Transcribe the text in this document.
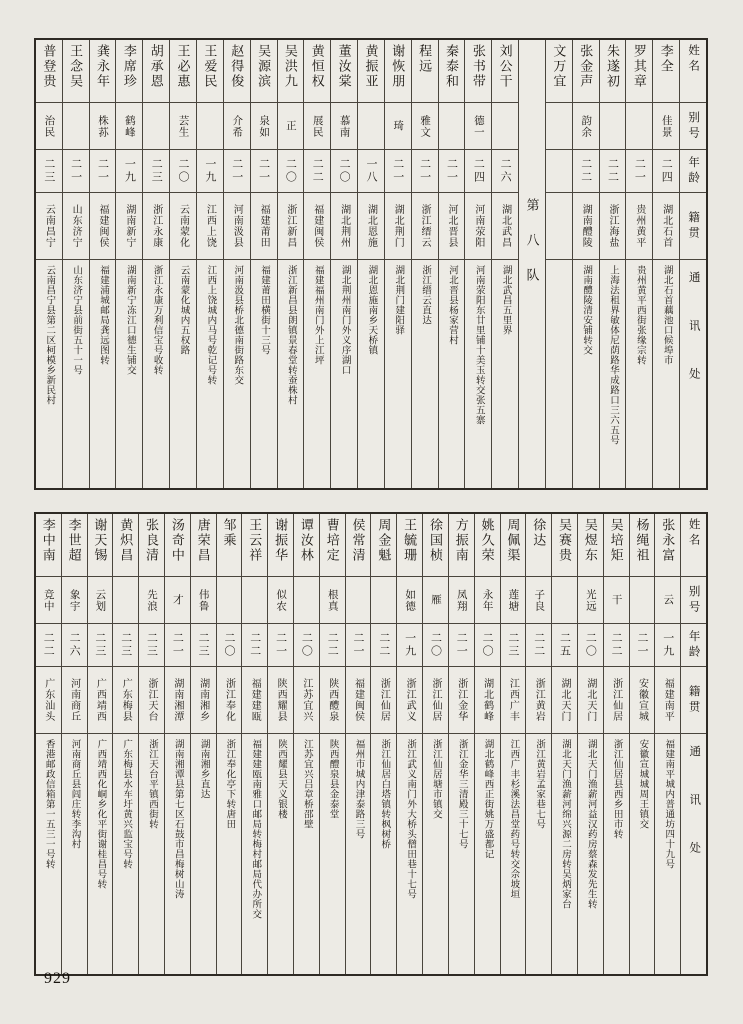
姓名
别号
年龄
籍贯
通讯处
李全
佳景
二四
湖北石首
湖北石首藕池口候埠市
罗其章
二一
贵州黄平
贵州黄平西街张缘宗转
朱遂初
二二
浙江海盐
上海法租界敏体尼荫路华成路口三六五号
张金声
韵余
二二
湖南醴陵
湖南醴陵清安铺转交
文万宜
第八队
刘公干
二六
湖北武昌
湖北武昌五里界
张书带
德一
二四
河南荥阳
河南荥阳东廿里铺十美玉转交张五寨
秦泰和
二一
河北晋县
河北晋县杨家营村
程远
雅文
二一
浙江缙云
浙江缙云直达
谢恢朋
琦
二一
湖北荆门
湖北荆门建阳驿
黄振亚
一八
湖北恩施
湖北恩施南乡天桥镇
董汝棠
慕南
二〇
湖北荆州
湖北荆州南门外义序湖口
黄恒权
展民
二二
福建闽侯
福建福州南门外上江坪
吴洪九
正
二〇
浙江新昌
浙江新昌县朗镇景春堂转蚕株村
吴源滨
泉如
二一
福建莆田
福建莆田横街十三号
赵得俊
介希
二一
河南汲县
河南汲县桥北德南街路东交
王爱民
一九
江西上饶
江西上饶城内马号乾记号转
王必惠
芸生
二〇
云南蒙化
云南蒙化城内五权路
胡承恩
二三
浙江永康
浙江永康万利信宝号收转
李席珍
鹤峰
一九
湖南新宁
湖南新宁冻江口德生铺交
龚永年
株荪
二一
福建闽侯
福建浦城邮局龚远图转
王念吴
二一
山东济宁
山东济宁县前街五十一号
普登贵
治民
二三
云南昌宁
云南昌宁县第二区柯模乡新民村
姓名
别号
年龄
籍贯
通讯处
张永富
云
一九
福建南平
福建南平城内普通坊四十九号
杨绳祖
二一
安徽宣城
安徽宣城城周王镇交
吴培矩
干
二二
浙江仙居
浙江仙居县西乡田市转
吴煜东
光远
二〇
湖北天门
湖北天门渔薪河益汉药房蔡森发先生转
吴赛贵
二五
湖北天门
湖北天门渔薪河绵兴源二房转吴炳家台
徐达
子良
二二
浙江黄岩
浙江黄岩孟家巷七号
周佩渠
莲塘
二三
江西广丰
江西广丰杉溪法昌堂药号转交佘坡垣
姚久荣
永年
二〇
湖北鹤峰
湖北鹤峰西正街姚万盛都记
方振南
凤翔
二一
浙江金华
浙江金华三清殿三十七号
徐国桢
雁
二〇
浙江仙居
浙江仙居塘市镇交
王毓珊
如德
一九
浙江武义
浙江武义南门外大桥头僧田巷十七号
周金魁
二二
浙江仙居
浙江仙居白塔镇转枫树桥
侯常清
二一
福建闽侯
福州市城内津泰路三号
曹培定
根真
二二
陕西醴泉
陕西醴泉县金泰堂
谭汝林
二〇
江苏宜兴
江苏宜兴吕章桥邵壁
谢振华
似农
二一
陕西耀县
陕西耀县天义银楼
王云祥
二二
福建建瓯
福建建瓯南雅口邮局转梅村邮局代办所交
邹乘
二〇
浙江奉化
浙江奉化亭下转唐田
唐荣昌
伟鲁
二三
湖南湘乡
湖南湘乡直达
汤奇中
才
二一
湖南湘潭
湖南湘潭县第七区石鼓市昌梅树山涛
张良清
先浪
二三
浙江天台
浙江天台平镇西街转
黄炽昌
二三
广东梅县
广东梅县水车圩黄兴监宝号转
谢天锡
云划
二三
广西靖西
广西靖西化峒乡化平街谢桂昌号转
李世超
象宇
二六
河南商丘
河南商丘县闾庄转李沟村
李中南
竞中
二二
广东汕头
香港邮政信箱第一五三一号转
929
